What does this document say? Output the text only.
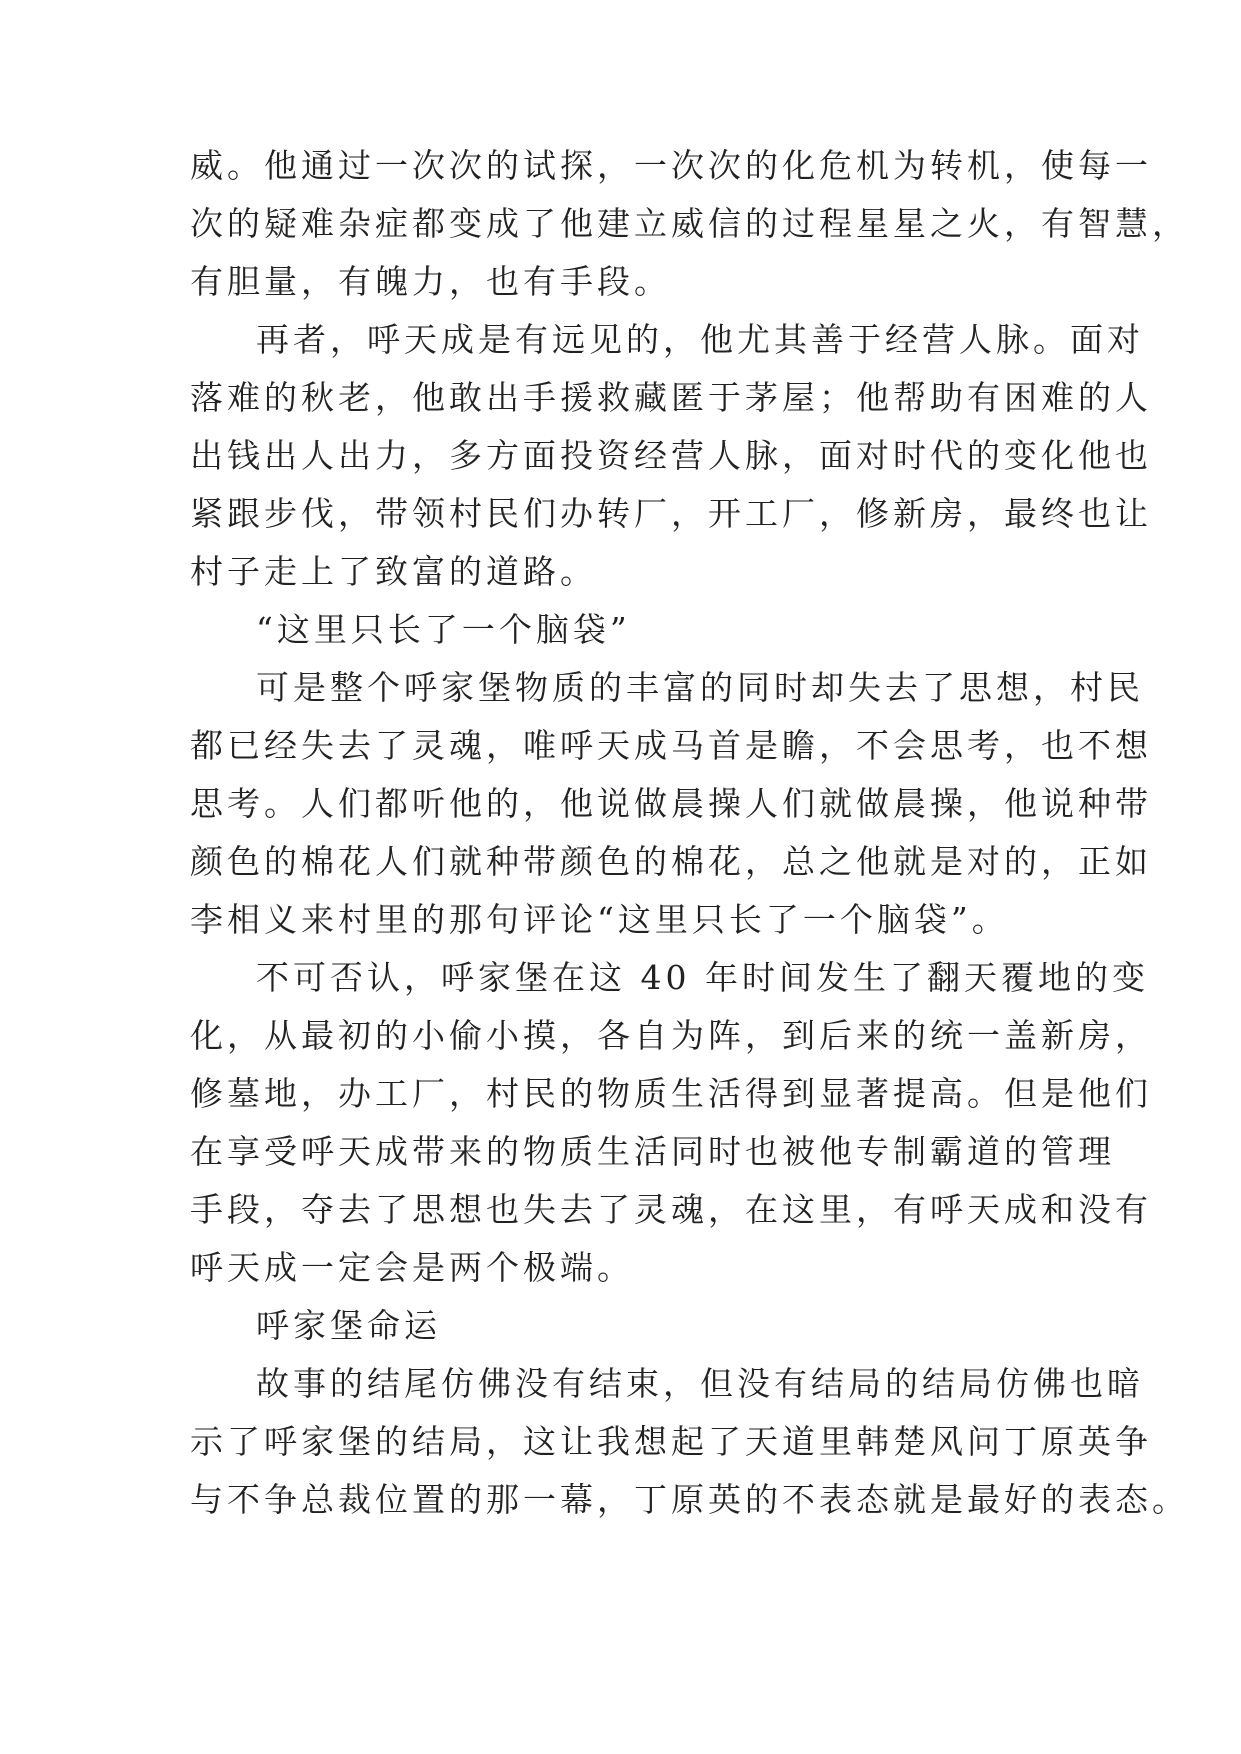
威。他通过一次次的试探，一次次的化危机为转机，使每一
次的疑难杂症都变成了他建立威信的过程星星之火，有智慧，
有胆量，有魄力，也有手段。
再者，呼天成是有远见的，他尤其善于经营人脉。面对
落难的秋老，他敢出手援救藏匿于茅屋；他帮助有困难的人
出钱出人出力，多方面投资经营人脉，面对时代的变化他也
紧跟步伐，带领村民们办转厂，开工厂，修新房，最终也让
村子走上了致富的道路。
“这里只长了一个脑袋”
可是整个呼家堡物质的丰富的同时却失去了思想，村民
都已经失去了灵魂，唯呼天成马首是瞻，不会思考，也不想
思考。人们都听他的，他说做晨操人们就做晨操，他说种带
颜色的棉花人们就种带颜色的棉花，总之他就是对的，正如
李相义来村里的那句评论“这里只长了一个脑袋”。
不可否认，呼家堡在这 40 年时间发生了翻天覆地的变
化，从最初的小偷小摸，各自为阵，到后来的统一盖新房，
修墓地，办工厂，村民的物质生活得到显著提高。但是他们
在享受呼天成带来的物质生活同时也被他专制霸道的管理
手段，夺去了思想也失去了灵魂，在这里，有呼天成和没有
呼天成一定会是两个极端。
呼家堡命运
故事的结尾仿佛没有结束，但没有结局的结局仿佛也暗
示了呼家堡的结局，这让我想起了天道里韩楚风问丁原英争
与不争总裁位置的那一幕，丁原英的不表态就是最好的表态。
